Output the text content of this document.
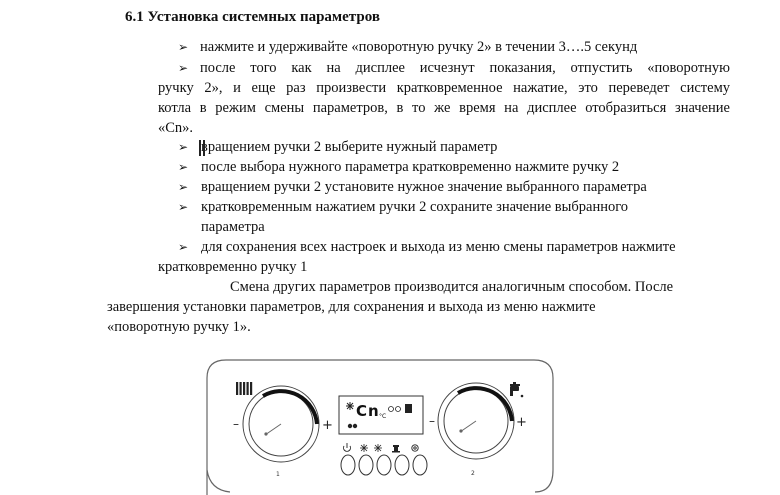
6.1 Установка системных параметров
➢ нажмите и удерживайте «поворотную ручку 2» в течении 3….5 секунд
➢ после того как на дисплее исчезнут показания, отпустить «поворотную
ручку 2», и еще раз произвести кратковременное нажатие, это переведет систему
котла в режим смены параметров, в то же время на дисплее отобразиться значение
«Cn».
➢ вращением ручки 2 выберите нужный параметр
➢ после выбора нужного параметра кратковременно нажмите ручку 2
➢ вращением ручки 2 установите нужное значение выбранного параметра
➢ кратковременным нажатием ручки 2 сохраните значение выбранного
параметра
➢ для сохранения всех настроек и выхода из меню смены параметров нажмите
кратковременно ручку 1
Смена других параметров производится аналогичным способом. После
завершения установки параметров, для сохранения и выхода из меню нажмите
«поворотную ручку 1».
–	+
1
–	+
2
Cn °C
